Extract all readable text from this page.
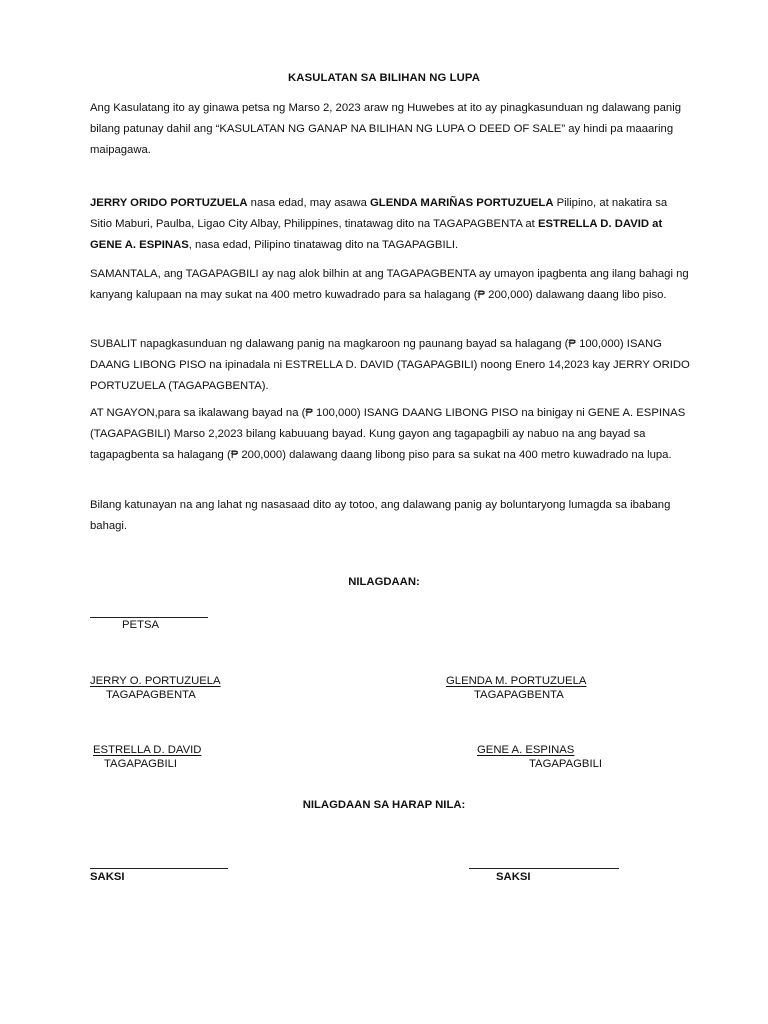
KASULATAN SA BILIHAN NG LUPA

Ang Kasulatang ito ay ginawa petsa ng Marso 2, 2023 araw ng Huwebes at ito ay pinagkasunduan ng dalawang panig bilang patunay dahil ang “KASULATAN NG GANAP NA BILIHAN NG LUPA O DEED OF SALE” ay hindi pa maaaring maipagawa.

JERRY ORIDO PORTUZUELA nasa edad, may asawa GLENDA MARIÑAS PORTUZUELA Pilipino, at nakatira sa Sitio Maburi, Paulba, Ligao City Albay, Philippines, tinatawag dito na TAGAPAGBENTA at ESTRELLA D. DAVID at GENE A. ESPINAS, nasa edad, Pilipino tinatawag dito na TAGAPAGBILI.

SAMANTALA, ang TAGAPAGBILI ay nag alok bilhin at ang TAGAPAGBENTA ay umayon ipagbenta ang ilang bahagi ng kanyang kalupaan na may sukat na 400 metro kuwadrado para sa halagang (₱ 200,000) dalawang daang libo piso.

SUBALIT napagkasunduan ng dalawang panig na magkaroon ng paunang bayad sa halagang (₱ 100,000) ISANG DAANG LIBONG PISO na ipinadala ni ESTRELLA D. DAVID (TAGAPAGBILI) noong Enero 14,2023 kay JERRY ORIDO PORTUZUELA (TAGAPAGBENTA).

AT NGAYON,para sa ikalawang bayad na (₱ 100,000) ISANG DAANG LIBONG PISO na binigay ni GENE A. ESPINAS (TAGAPAGBILI) Marso 2,2023 bilang kabuuang bayad. Kung gayon ang tagapagbili ay nabuo na ang bayad sa tagapagbenta sa halagang (₱ 200,000) dalawang daang libong piso para sa sukat na 400 metro kuwadrado na lupa.

Bilang katunayan na ang lahat ng nasasaad dito ay totoo, ang dalawang panig ay boluntaryong lumagda sa ibabang bahagi.

NILAGDAAN:
PETSA
JERRY O. PORTUZUELA
TAGAPAGBENTA
GLENDA M. PORTUZUELA
TAGAPAGBENTA
ESTRELLA D. DAVID
TAGAPAGBILI
GENE A. ESPINAS
TAGAPAGBILI
NILAGDAAN SA HARAP NILA:
SAKSI	SAKSI
